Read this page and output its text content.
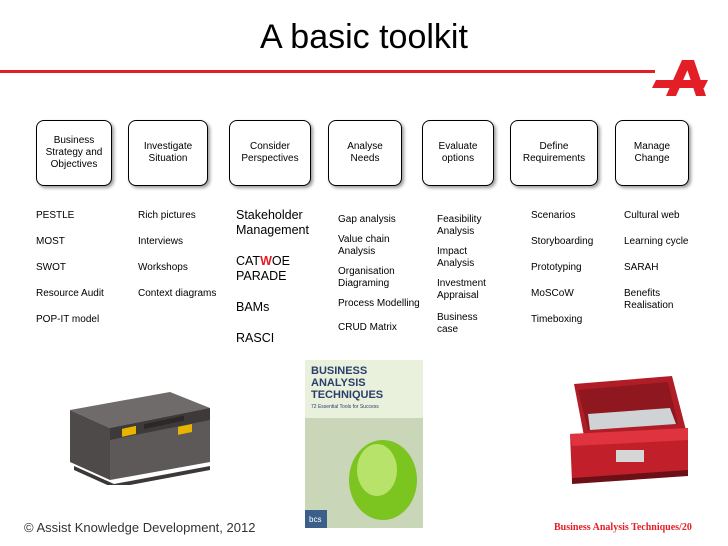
A basic toolkit
Business Strategy and Objectives
Investigate Situation
Consider Perspectives
Analyse Needs
Evaluate options
Define Requirements
Manage Change
PESTLE
MOST
SWOT
Resource Audit
POP-IT model
Rich pictures
Interviews
Workshops
Context diagrams
Stakeholder
Management
CATWOE
PARADE
BAMs
RASCI
Gap analysis
Value chain
Analysis
Organisation
Diagraming
Process Modelling
CRUD Matrix
Feasibility
Analysis
Impact
Analysis
Investment
Appraisal
Business
case
Scenarios
Storyboarding
Prototyping
MoSCoW
Timeboxing
Cultural web
Learning cycle
SARAH
Benefits
Realisation
BUSINESS
ANALYSIS
TECHNIQUES
72 Essential Tools for Success
bcs
© Assist Knowledge Development, 2012	Business Analysis Techniques/20
